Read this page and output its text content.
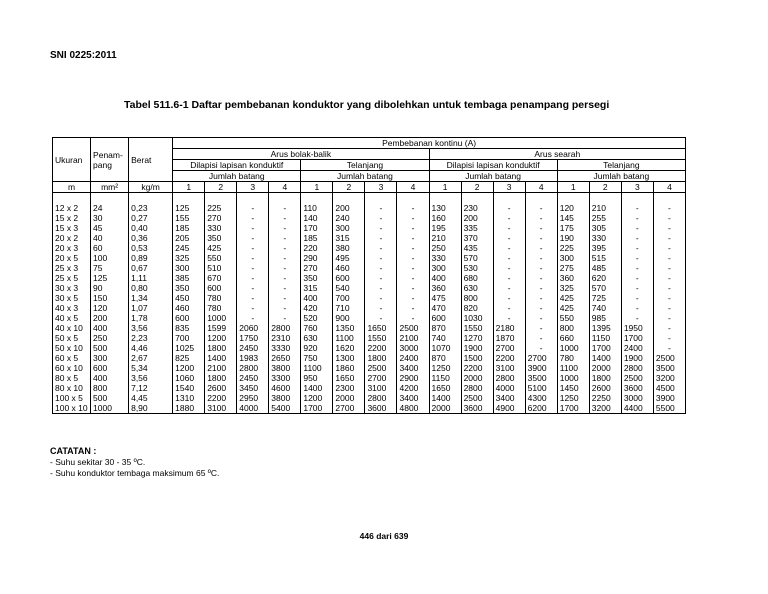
SNI 0225:2011
Tabel 511.6-1 Daftar pembebanan konduktor yang dibolehkan untuk tembaga penampang persegi
Ukuran	Penam-pang	Berat	Pembebanan kontinu (A)															
			Arus bolak-balik								Arus searah							
			Dilapisi lapisan konduktif				Telanjang				Dilapisi lapisan konduktif				Telanjang			
			Jumlah batang				Jumlah batang				Jumlah batang				Jumlah batang			
m	mm²	kg/m	1	2	3	4	1	2	3	4	1	2	3	4	1	2	3	4

12 x 2	24	0,23	125	225	-	-	110	200	-	-	130	230	-	-	120	210	-	-
15 x 2	30	0,27	155	270	-	-	140	240	-	-	160	200	-	-	145	255	-	-
15 x 3	45	0,40	185	330	-	-	170	300	-	-	195	335	-	-	175	305	-	-
20 x 2	40	0,36	205	350	-	-	185	315	-	-	210	370	-	-	190	330	-	-
20 x 3	60	0,53	245	425	-	-	220	380	-	-	250	435	-	-	225	395	-	-
20 x 5	100	0,89	325	550	-	-	290	495	-	-	330	570	-	-	300	515	-	-
25 x 3	75	0,67	300	510	-	-	270	460	-	-	300	530	-	-	275	485	-	-
25 x 5	125	1,11	385	670	-	-	350	600	-	-	400	680	-	-	360	620	-	-
30 x 3	90	0,80	350	600	-	-	315	540	-	-	360	630	-	-	325	570	-	-
30 x 5	150	1,34	450	780	-	-	400	700	-	-	475	800	-	-	425	725	-	-
40 x 3	120	1,07	460	780	-	-	420	710	-	-	470	820	-	-	425	740	-	-
40 x 5	200	1,78	600	1000	-	-	520	900	-	-	600	1030	-	-	550	985	-	-
40 x 10	400	3,56	835	1599	2060	2800	760	1350	1650	2500	870	1550	2180	-	800	1395	1950	-
50 x 5	250	2,23	700	1200	1750	2310	630	1100	1550	2100	740	1270	1870	-	660	1150	1700	-
50 x 10	500	4,46	1025	1800	2450	3330	920	1620	2200	3000	1070	1900	2700	-	1000	1700	2400	-
60 x 5	300	2,67	825	1400	1983	2650	750	1300	1800	2400	870	1500	2200	2700	780	1400	1900	2500
60 x 10	600	5,34	1200	2100	2800	3800	1100	1860	2500	3400	1250	2200	3100	3900	1100	2000	2800	3500
80 x 5	400	3,56	1060	1800	2450	3300	950	1650	2700	2900	1150	2000	2800	3500	1000	1800	2500	3200
80 x 10	800	7,12	1540	2600	3450	4600	1400	2300	3100	4200	1650	2800	4000	5100	1450	2600	3600	4500
100 x 5	500	4,45	1310	2200	2950	3800	1200	2000	2800	3400	1400	2500	3400	4300	1250	2250	3000	3900
100 x 10	1000	8,90	1880	3100	4000	5400	1700	2700	3600	4800	2000	3600	4900	6200	1700	3200	4400	5500
CATATAN :
- Suhu sekitar 30 - 35 ºC.
- Suhu konduktor tembaga maksimum 65 ºC.
446 dari 639
